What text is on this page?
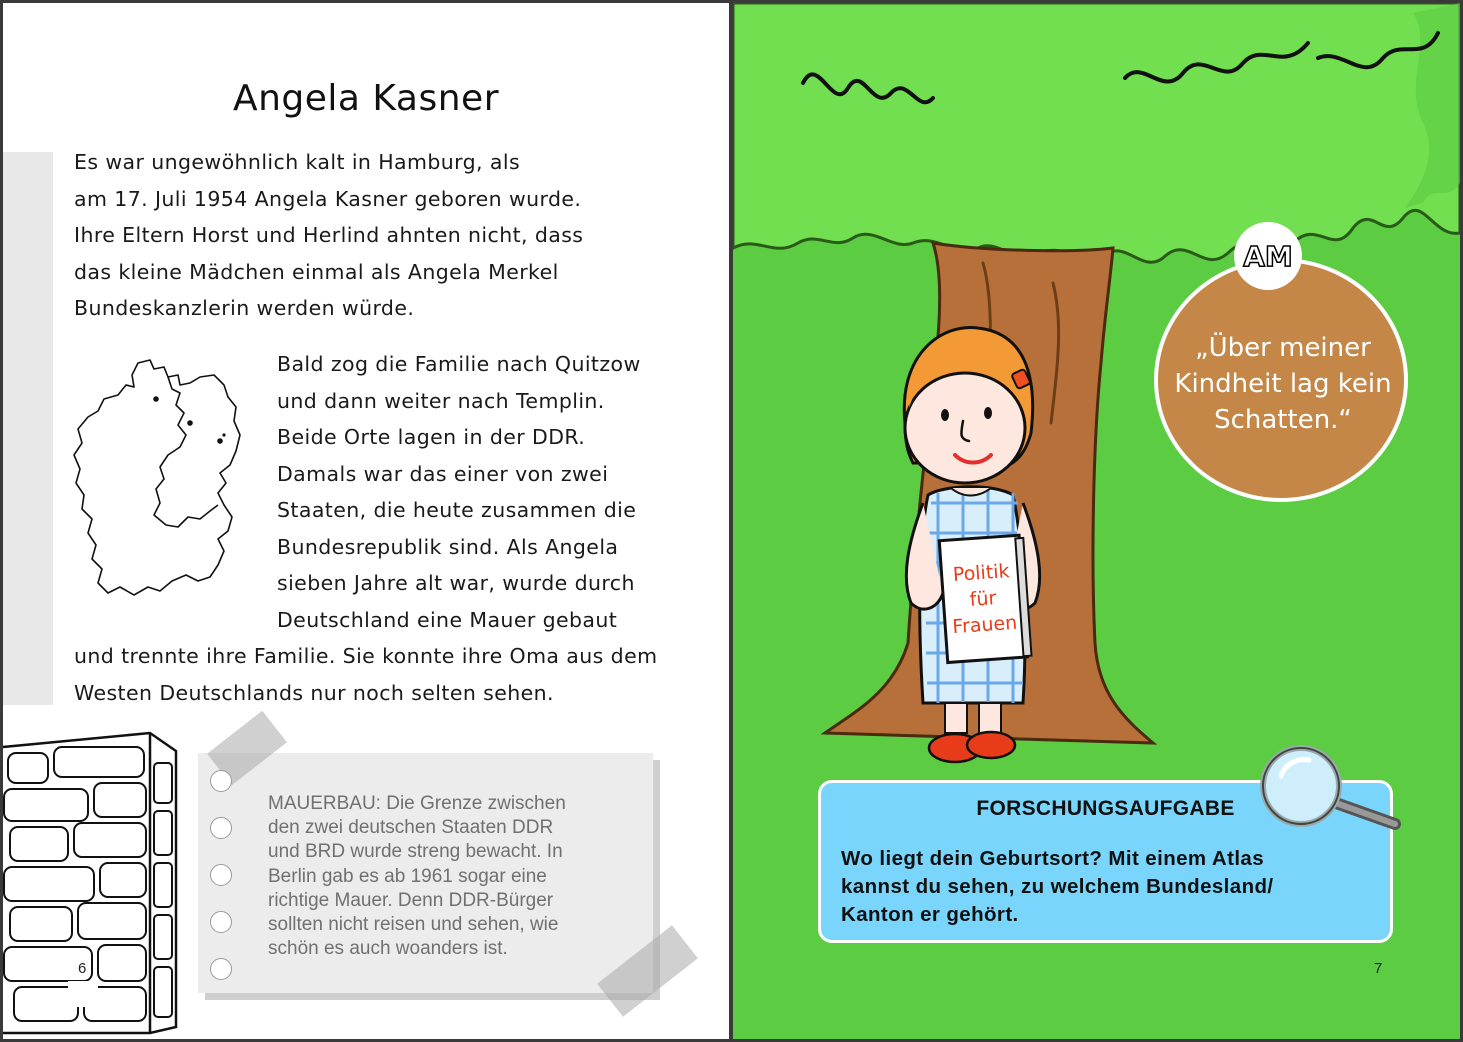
Angela Kasner
Es war ungewöhnlich kalt in Hamburg, als
am 17. Juli 1954 Angela Kasner geboren wurde.
Ihre Eltern Horst und Herlind ahnten nicht, dass
das kleine Mädchen einmal als Angela Merkel
Bundeskanzlerin werden würde.
Bald zog die Familie nach Quitzow
und dann weiter nach Templin.
Beide Orte lagen in der DDR.
Damals war das einer von zwei
Staaten, die heute zusammen die
Bundesrepublik sind. Als Angela
sieben Jahre alt war, wurde durch
Deutschland eine Mauer gebaut
und trennte ihre Familie. Sie konnte ihre Oma aus dem
Westen Deutschlands nur noch selten sehen.
6
MAUERBAU: Die Grenze zwischen
den zwei deutschen Staaten DDR
und BRD wurde streng bewacht. In
Berlin gab es ab 1961 sogar eine
richtige Mauer. Denn DDR-Bürger
sollten nicht reisen und sehen, wie
schön es auch woanders ist.
Politik
für
Frauen
AM
„Über meiner
Kindheit lag kein
Schatten.“
FORSCHUNGSAUFGABE
Wo liegt dein Geburtsort? Mit einem Atlas
kannst du sehen, zu welchem Bundesland/
Kanton er gehört.
7
